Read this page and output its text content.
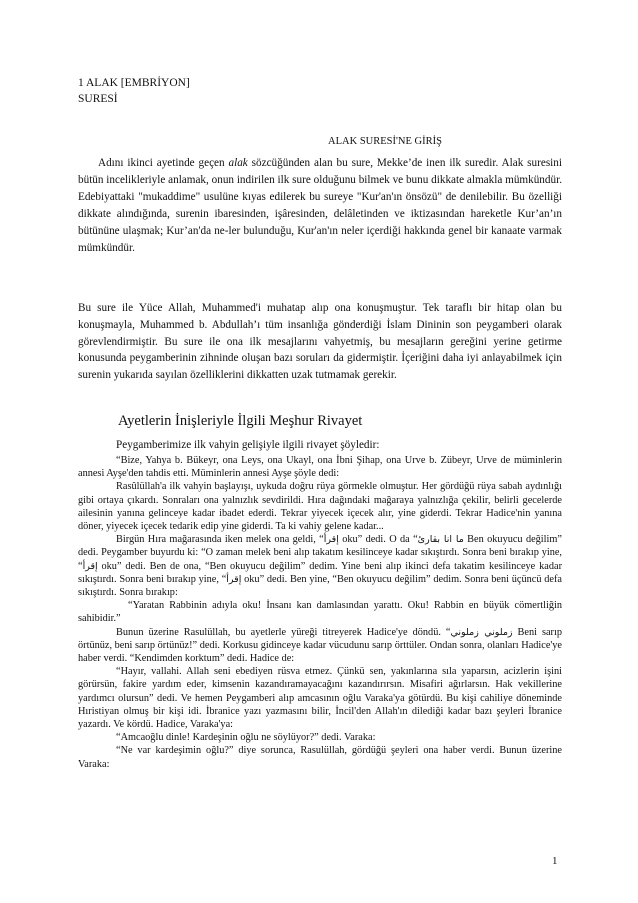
1 ALAK [EMBRİYON]

SURESİ

ALAK SURESİ'NE GİRİŞ

Adını ikinci ayetinde geçen alak sözcüğünden alan bu sure, Mekke’de inen ilk suredir. Alak suresini bütün incelikleriyle anlamak, onun indirilen ilk sure olduğunu bilmek ve bunu dikkate almakla mümkündür. Edebiyattaki "mukaddime" usulüne kıyas edilerek bu sureye "Kur'an'ın önsözü" de denilebilir. Bu özelliği dikkate alındığında, surenin ibaresinden, işâresinden, delâletinden ve iktizasından hareketle Kur’an’ın bütününe ulaşmak; Kur’an'da ne-ler bulunduğu, Kur'an'ın neler içerdiği hakkında genel bir kanaate varmak mümkündür.

Bu sure ile Yüce Allah, Muhammed'i muhatap alıp ona konuşmuştur. Tek taraflı bir hitap olan bu konuşmayla, Muhammed b. Abdullah’ı tüm insanlığa gönderdiği İslam Dininin son peygamberi olarak görevlendirmiştir. Bu sure ile ona ilk mesajlarını vahyetmiş, bu mesajların gereğini yerine getirme konusunda peygamberinin zihninde oluşan bazı soruları da gidermiştir. İçeriğini daha iyi anlayabilmek için surenin yukarıda sayılan özelliklerini dikkatten uzak tutmamak gerekir.

Ayetlerin İnişleriyle İlgili Meşhur Rivayet

Peygamberimize ilk vahyin gelişiyle ilgili rivayet şöyledir:

“Bize, Yahya b. Bükeyr, ona Leys, ona Ukayl, ona İbni Şihap, ona Urve b. Zübeyr, Urve de müminlerin annesi Ayşe'den tahdis etti. Müminlerin annesi Ayşe şöyle dedi:

Rasûlüllah'a ilk vahyin başlayışı, uykuda doğru rüya görmekle olmuştur. Her gördüğü rüya sabah aydınlığı gibi ortaya çıkardı. Sonraları ona yalnızlık sevdirildi. Hıra dağındaki mağaraya yalnızlığa çekilir, belirli gecelerde ailesinin yanına gelinceye kadar ibadet ederdi. Tekrar yiyecek içecek alır, yine giderdi. Tekrar Hadice'nin yanına döner, yiyecek içecek tedarik edip yine giderdi. Ta ki vahiy gelene kadar...

Birgün Hıra mağarasında iken melek ona geldi, “إقرأ oku” dedi. O da “ما انا بقارئ Ben okuyucu değilim” dedi. Peygamber buyurdu ki: “O zaman melek beni alıp takatım kesilinceye kadar sıkıştırdı. Sonra beni bırakıp yine, “إقرأ oku” dedi. Ben de ona, “Ben okuyucu değilim” dedim. Yine beni alıp ikinci defa takatim kesilinceye kadar sıkıştırdı. Sonra beni bırakıp yine, “إقرأ oku” dedi. Ben yine, “Ben okuyucu değilim” dedim. Sonra beni üçüncü defa sıkıştırdı. Sonra bırakıp:

“Yaratan Rabbinin adıyla oku! İnsanı kan damlasından yarattı. Oku! Rabbin en büyük cömertliğin sahibidir.”

Bunun üzerine Rasulüllah, bu ayetlerle yüreği titreyerek Hadice'ye döndü. “زملوني زملوني Beni sarıp örtünüz, beni sarıp örtünüz!” dedi. Korkusu gidinceye kadar vücudunu sarıp örttüler. Ondan sonra, olanları Hadice'ye haber verdi. “Kendimden korktum” dedi. Hadice de:

“Hayır, vallahi. Allah seni ebediyen rüsva etmez. Çünkü sen, yakınlarına sıla yaparsın, acizlerin işini görürsün, fakire yardım eder, kimsenin kazandıramayacağını kazandırırsın. Misafiri ağırlarsın. Hak vekillerine yardımcı olursun” dedi. Ve hemen Peygamberi alıp amcasının oğlu Varaka'ya götürdü. Bu kişi cahiliye döneminde Hıristiyan olmuş bir kişi idi. İbranice yazı yazmasını bilir, İncil'den Allah'ın dilediği kadar bazı şeyleri İbranice yazardı. Ve kördü. Hadice, Varaka'ya:

“Amcaoğlu dinle! Kardeşinin oğlu ne söylüyor?” dedi. Varaka:

“Ne var kardeşimin oğlu?” diye sorunca, Rasulüllah, gördüğü şeyleri ona haber verdi. Bunun üzerine Varaka:

1
